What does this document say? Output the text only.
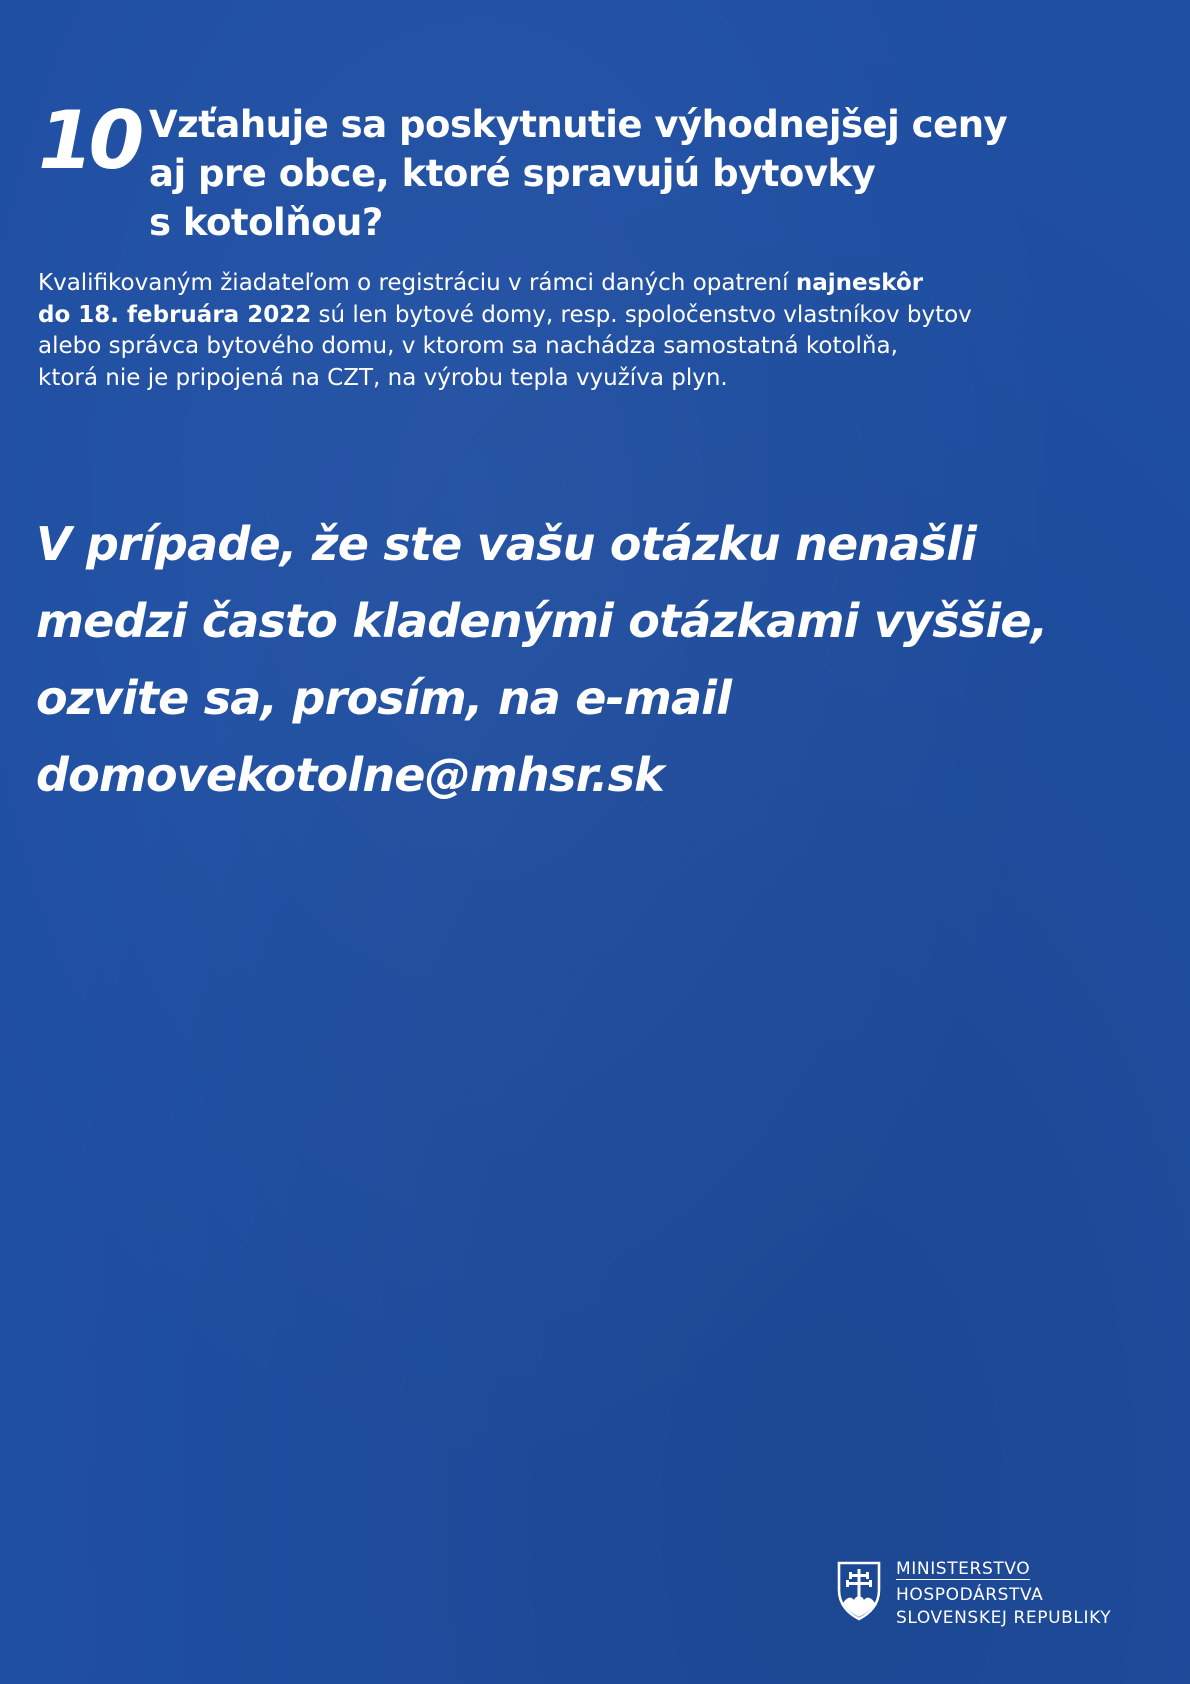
10 Vzťahuje sa poskytnutie výhodnejšej ceny
aj pre obce, ktoré spravujú bytovky
s kotolňou?

Kvalifikovaným žiadateľom o registráciu v rámci daných opatrení najneskôr
do 18. februára 2022 sú len bytové domy, resp. spoločenstvo vlastníkov bytov
alebo správca bytového domu, v ktorom sa nachádza samostatná kotolňa,
ktorá nie je pripojená na CZT, na výrobu tepla využíva plyn.

V prípade, že ste vašu otázku nenašli
medzi často kladenými otázkami vyššie,
ozvite sa, prosím, na e-mail
domovekotolne@mhsr.sk

MINISTERSTVO
HOSPODÁRSTVA
SLOVENSKEJ REPUBLIKY
